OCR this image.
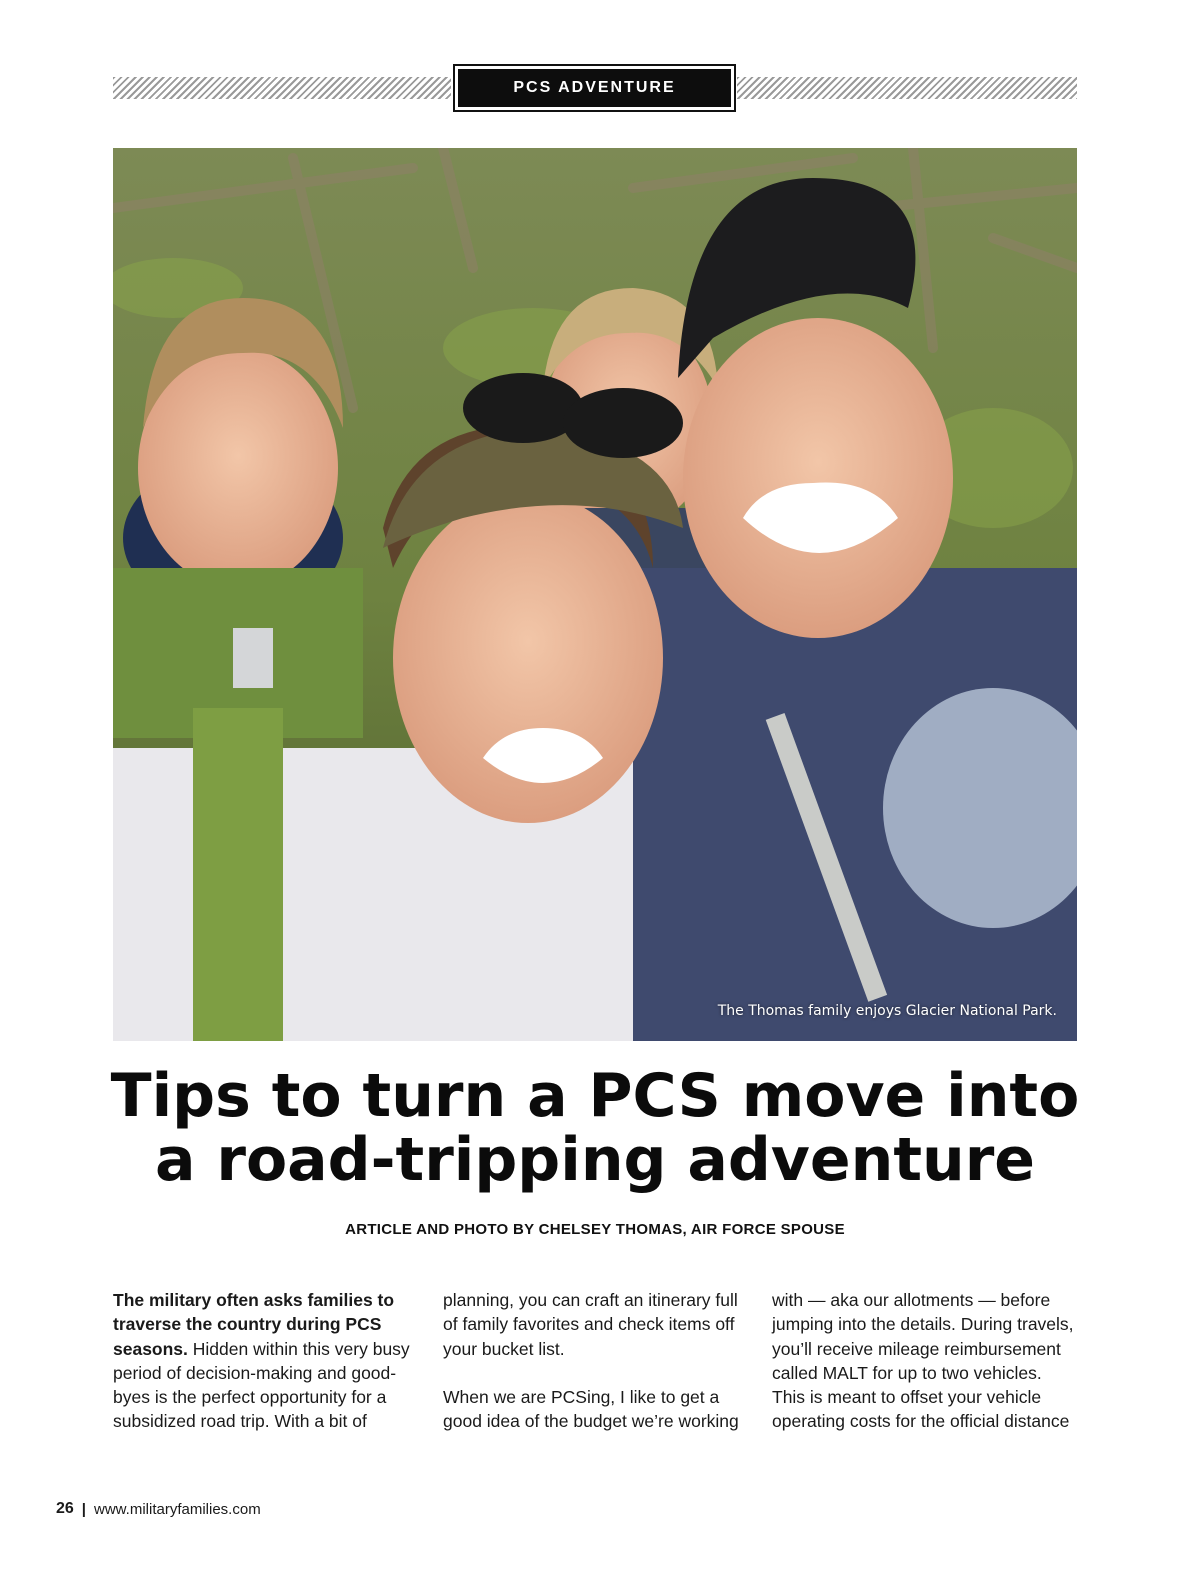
PCS ADVENTURE
The Thomas family enjoys Glacier National Park.
Tips to turn a PCS move into
a road-tripping adventure
ARTICLE AND PHOTO BY CHELSEY THOMAS, AIR FORCE SPOUSE

The military often asks families to traverse the country during PCS seasons. Hidden within this very busy period of decision-making and good-byes is the perfect opportunity for a subsidized road trip. With a bit of

planning, you can craft an itinerary full of family favorites and check items off your bucket list.

When we are PCSing, I like to get a good idea of the budget we’re working

with — aka our allotments — before jumping into the details. During travels, you’ll receive mileage reimbursement called MALT for up to two vehicles. This is meant to offset your vehicle operating costs for the official distance

26 | www.militaryfamilies.com
